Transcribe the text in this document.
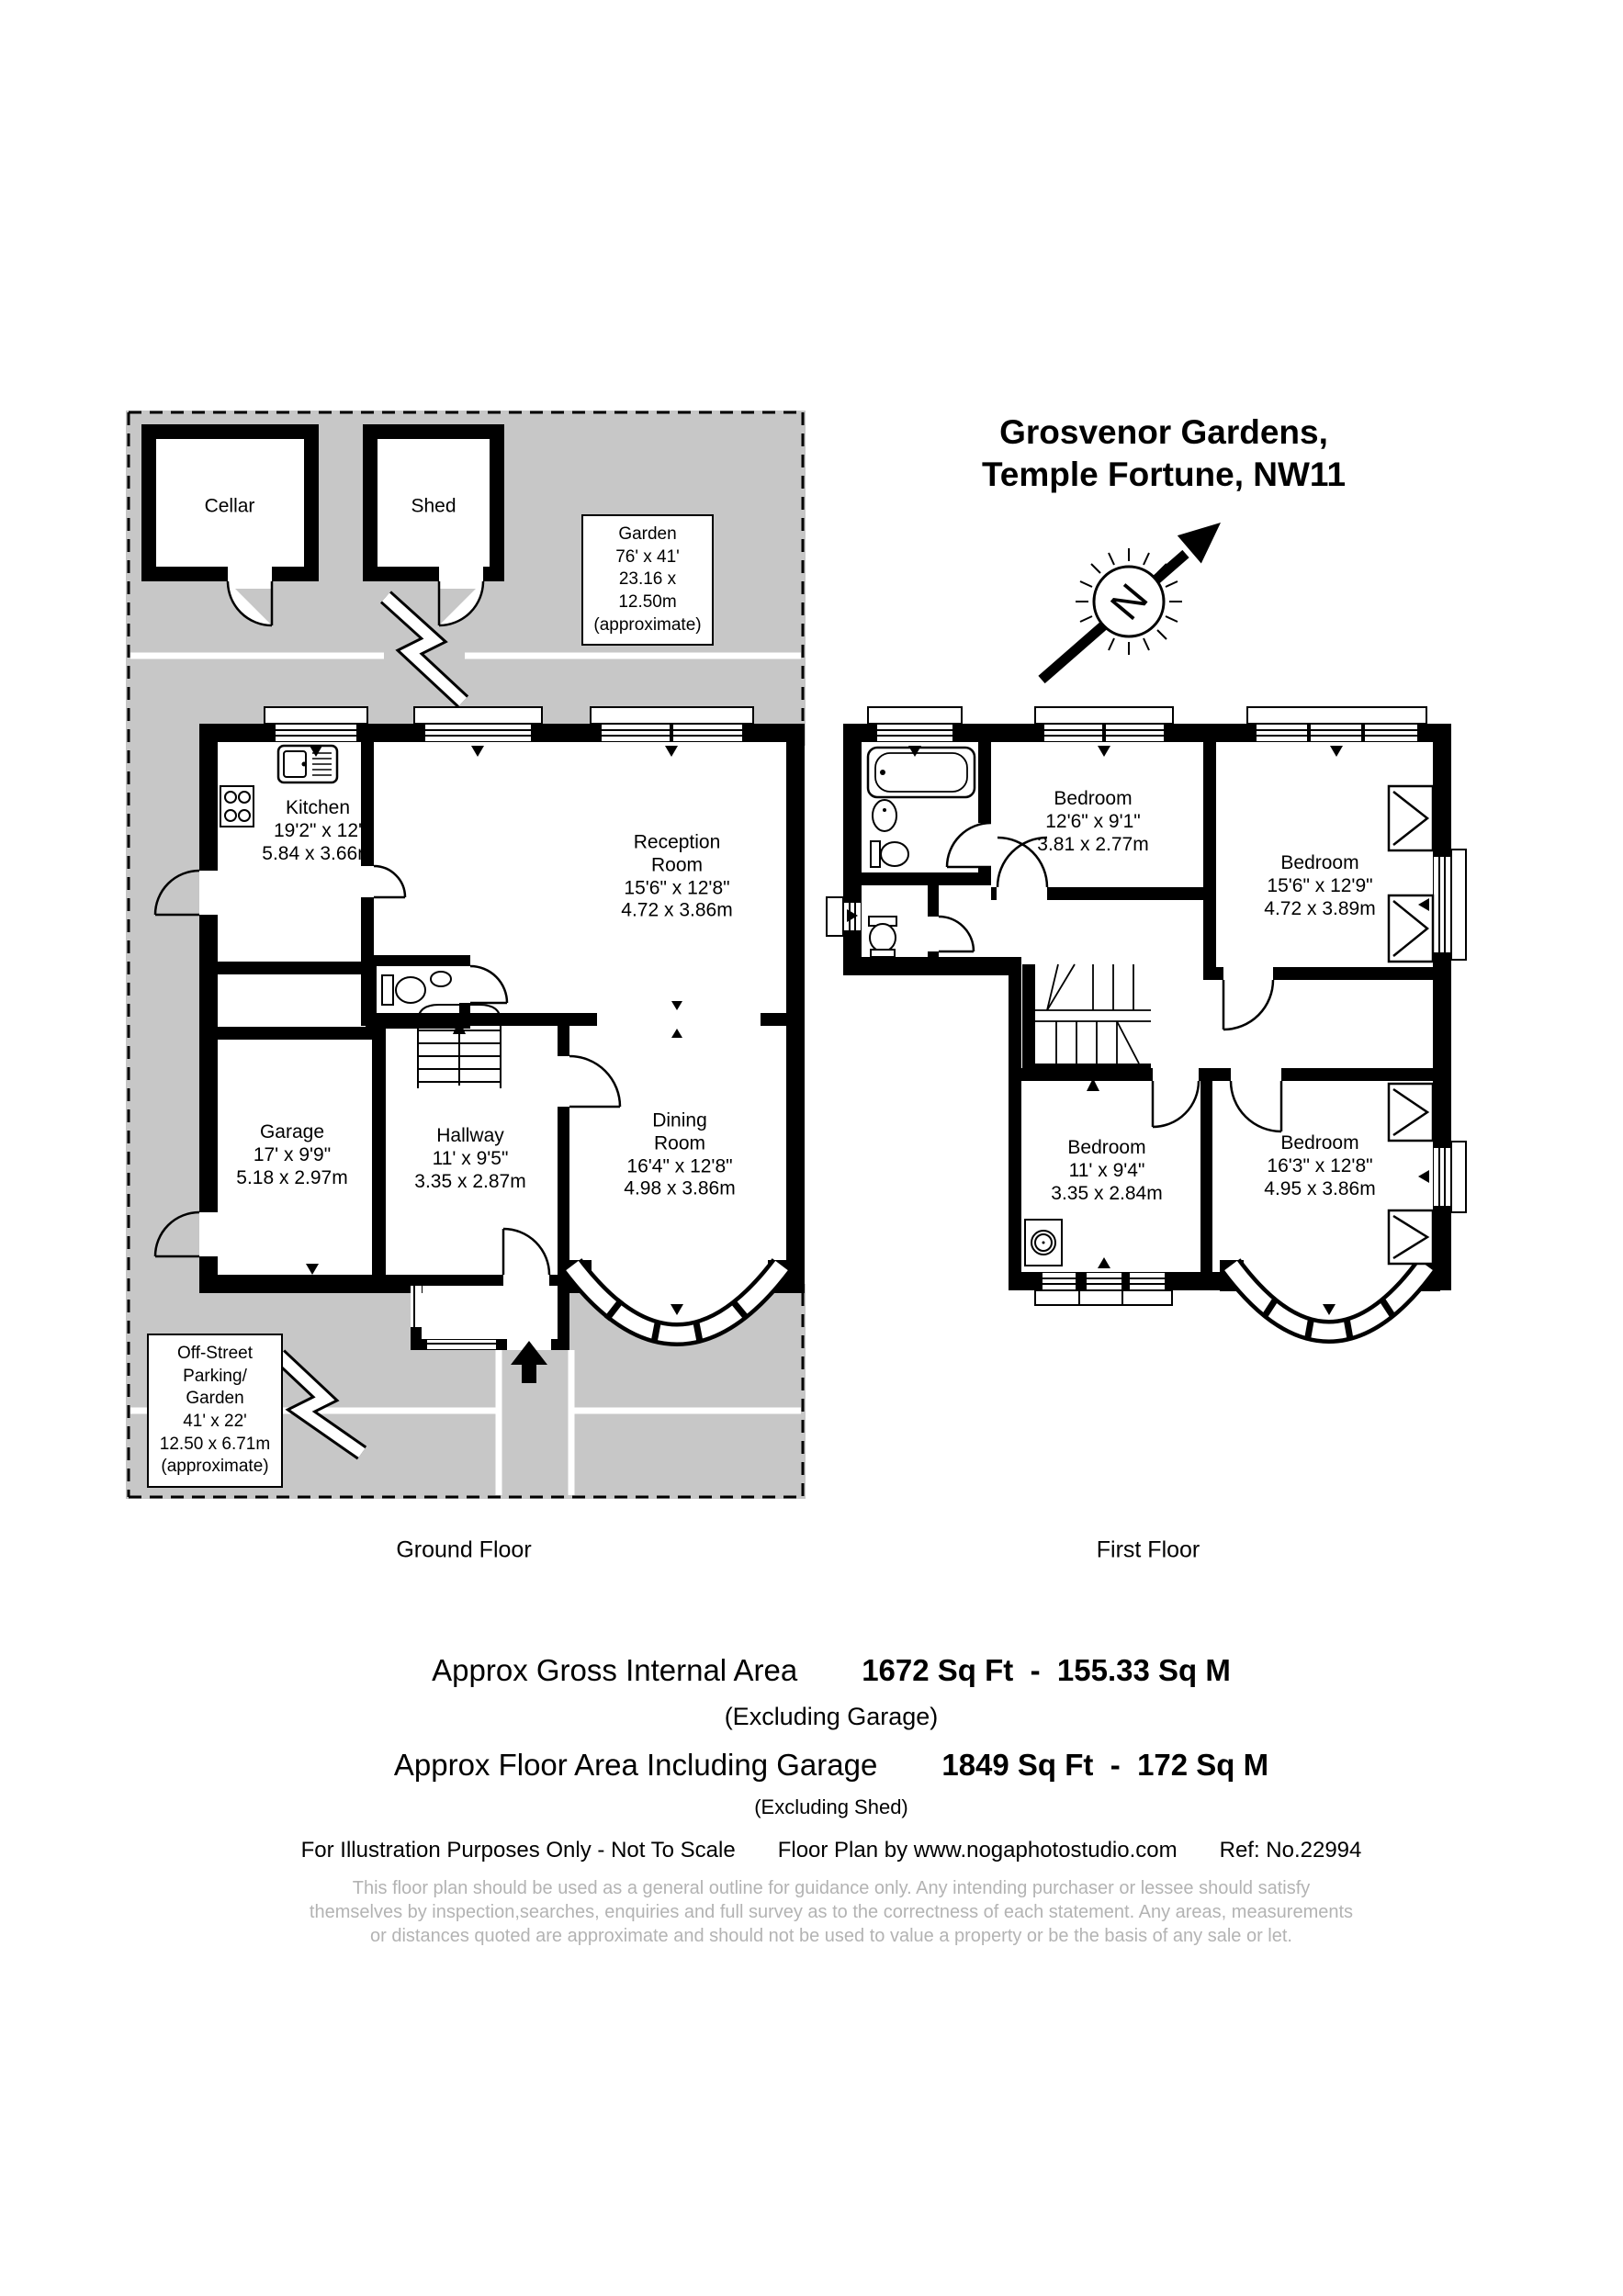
N
Grosvenor Gardens,
Temple Fortune, NW11
Cellar	Shed
Garden
76' x 41'
23.16 x 12.50m
(approximate)
Kitchen
19'2" x 12'
5.84 x 3.66m
Reception
Room
15'6" x 12'8"
4.72 x 3.86m
Garage
17' x 9'9"
5.18 x 2.97m
Hallway
11' x 9'5"
3.35 x 2.87m
Dining
Room
16'4" x 12'8"
4.98 x 3.86m
Off-Street
Parking/
Garden
41' x 22'
12.50 x 6.71m
(approximate)
Bedroom
12'6" x 9'1"
3.81 x 2.77m
Bedroom
15'6" x 12'9"
4.72 x 3.89m
Bedroom
11' x 9'4"
3.35 x 2.84m
Bedroom
16'3" x 12'8"
4.95 x 3.86m
Ground Floor	First Floor
Approx Gross Internal Area 1672 Sq Ft  -  155.33 Sq M
(Excluding Garage)
Approx Floor Area Including Garage 1849 Sq Ft  -  172 Sq M
(Excluding Shed)
For Illustration Purposes Only - Not To Scale Floor Plan by www.nogaphotostudio.com Ref: No.22994
This floor plan should be used as a general outline for guidance only. Any intending purchaser or lessee should satisfy
themselves by inspection,searches, enquiries and full survey as to the correctness of each statement. Any areas, measurements
or distances quoted are approximate and should not be used to value a property or be the basis of any sale or let.
